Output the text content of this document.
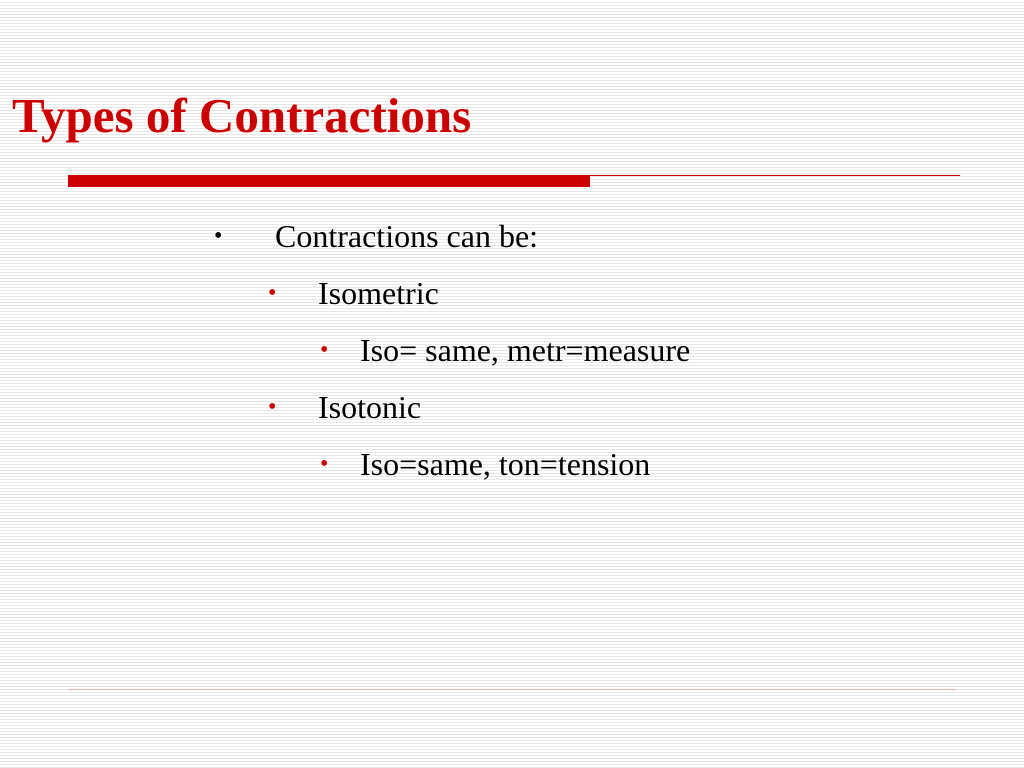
Types of Contractions
• Contractions can be:
• Isometric
• Iso= same, metr=measure
• Isotonic
• Iso=same, ton=tension
